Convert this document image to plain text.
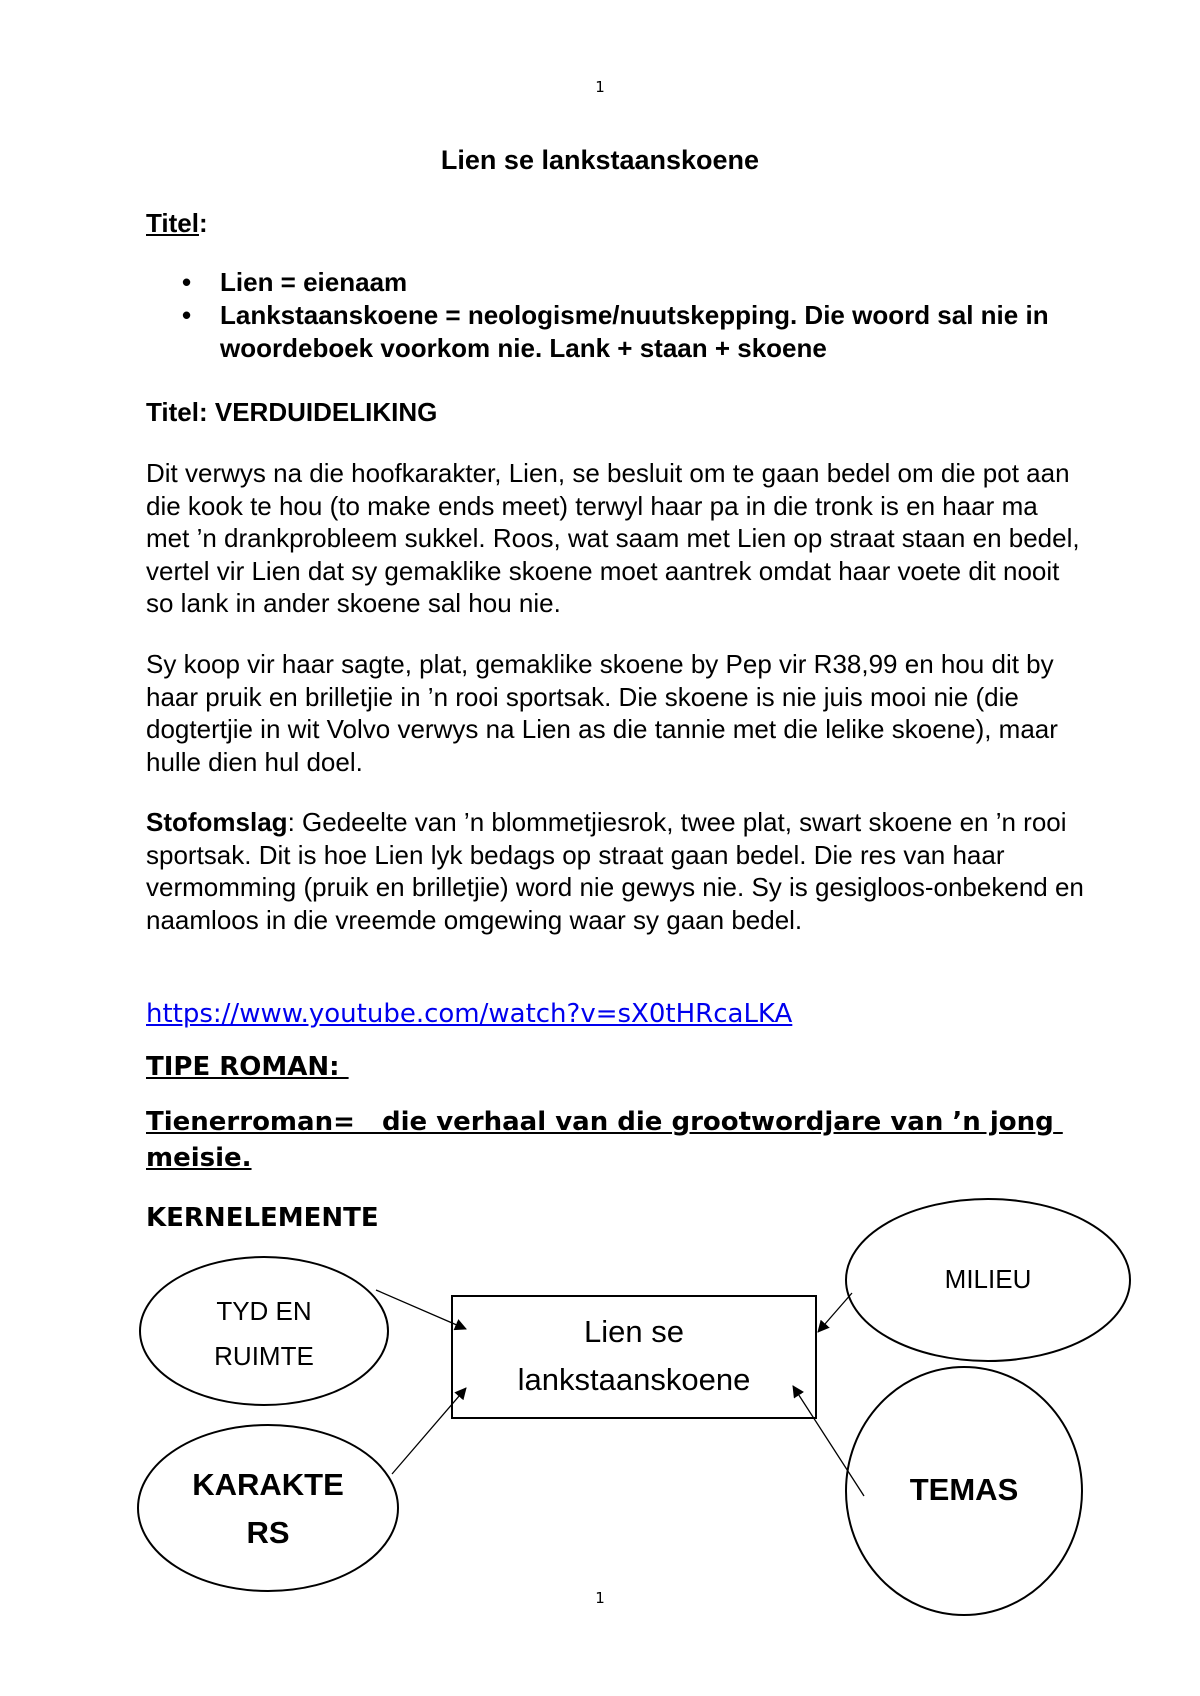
1
Lien se lankstaanskoene
Titel:
• Lien = eienaam
• Lankstaanskoene = neologisme/nuutskepping. Die woord sal nie in woordeboek voorkom nie. Lank + staan + skoene
Titel: VERDUIDELIKING
Dit verwys na die hoofkarakter, Lien, se besluit om te gaan bedel om die pot aan die kook te hou (to make ends meet) terwyl haar pa in die tronk is en haar ma met ’n drankprobleem sukkel. Roos, wat saam met Lien op straat staan en bedel, vertel vir Lien dat sy gemaklike skoene moet aantrek omdat haar voete dit nooit so lank in ander skoene sal hou nie.
Sy koop vir haar sagte, plat, gemaklike skoene by Pep vir R38,99 en hou dit by haar pruik en brilletjie in ’n rooi sportsak. Die skoene is nie juis mooi nie (die dogtertjie in wit Volvo verwys na Lien as die tannie met die lelike skoene), maar hulle dien hul doel.
Stofomslag: Gedeelte van ’n blommetjiesrok, twee plat, swart skoene en ’n rooi sportsak. Dit is hoe Lien lyk bedags op straat gaan bedel. Die res van haar vermomming (pruik en brilletjie) word nie gewys nie. Sy is gesigloos-onbekend en naamloos in die vreemde omgewing waar sy gaan bedel.
https://www.youtube.com/watch?v=sX0tHRcaLKA
TIPE ROMAN:
Tienerroman=   die verhaal van die grootwordjare van ’n jong meisie.
KERNELEMENTE
Lien se
lankstaanskoene
TYD EN
RUIMTE
MILIEU
KARAKTE
RS
TEMAS
1
